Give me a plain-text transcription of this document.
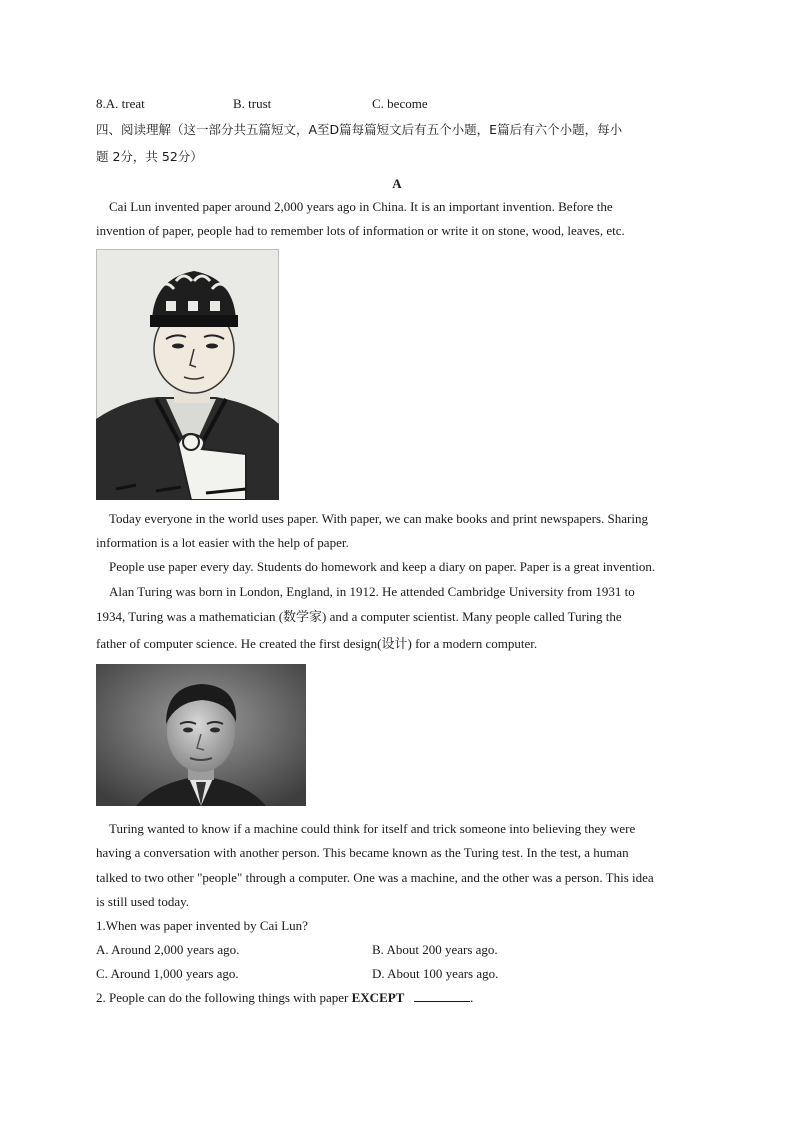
8.A. treat	B. trust	C. become
四、阅读理解（这一部分共五篇短文，A至D篇每篇短文后有五个小题，E篇后有六个小题，每小
题 2分，共 52分）
A
Cai Lun invented paper around 2,000 years ago in China. It is an important invention. Before the
invention of paper, people had to remember lots of information or write it on stone, wood, leaves, etc.
Today everyone in the world uses paper. With paper, we can make books and print newspapers. Sharing
information is a lot easier with the help of paper.
People use paper every day. Students do homework and keep a diary on paper. Paper is a great invention.
Alan Turing was born in London, England, in 1912. He attended Cambridge University from 1931 to
1934, Turing was a mathematician (数学家) and a computer scientist. Many people called Turing the
father of computer science. He created the first design(设计) for a modern computer.
Turing wanted to know if a machine could think for itself and trick someone into believing they were
having a conversation with another person. This became known as the Turing test. In the test, a human
talked to two other "people" through a computer. One was a machine, and the other was a person. This idea
is still used today.
1.When was paper invented by Cai Lun?
A. Around 2,000 years ago.	B. About 200 years ago.
C. Around 1,000 years ago.	D. About 100 years ago.
2. People can do the following things with paper EXCEPT	.
